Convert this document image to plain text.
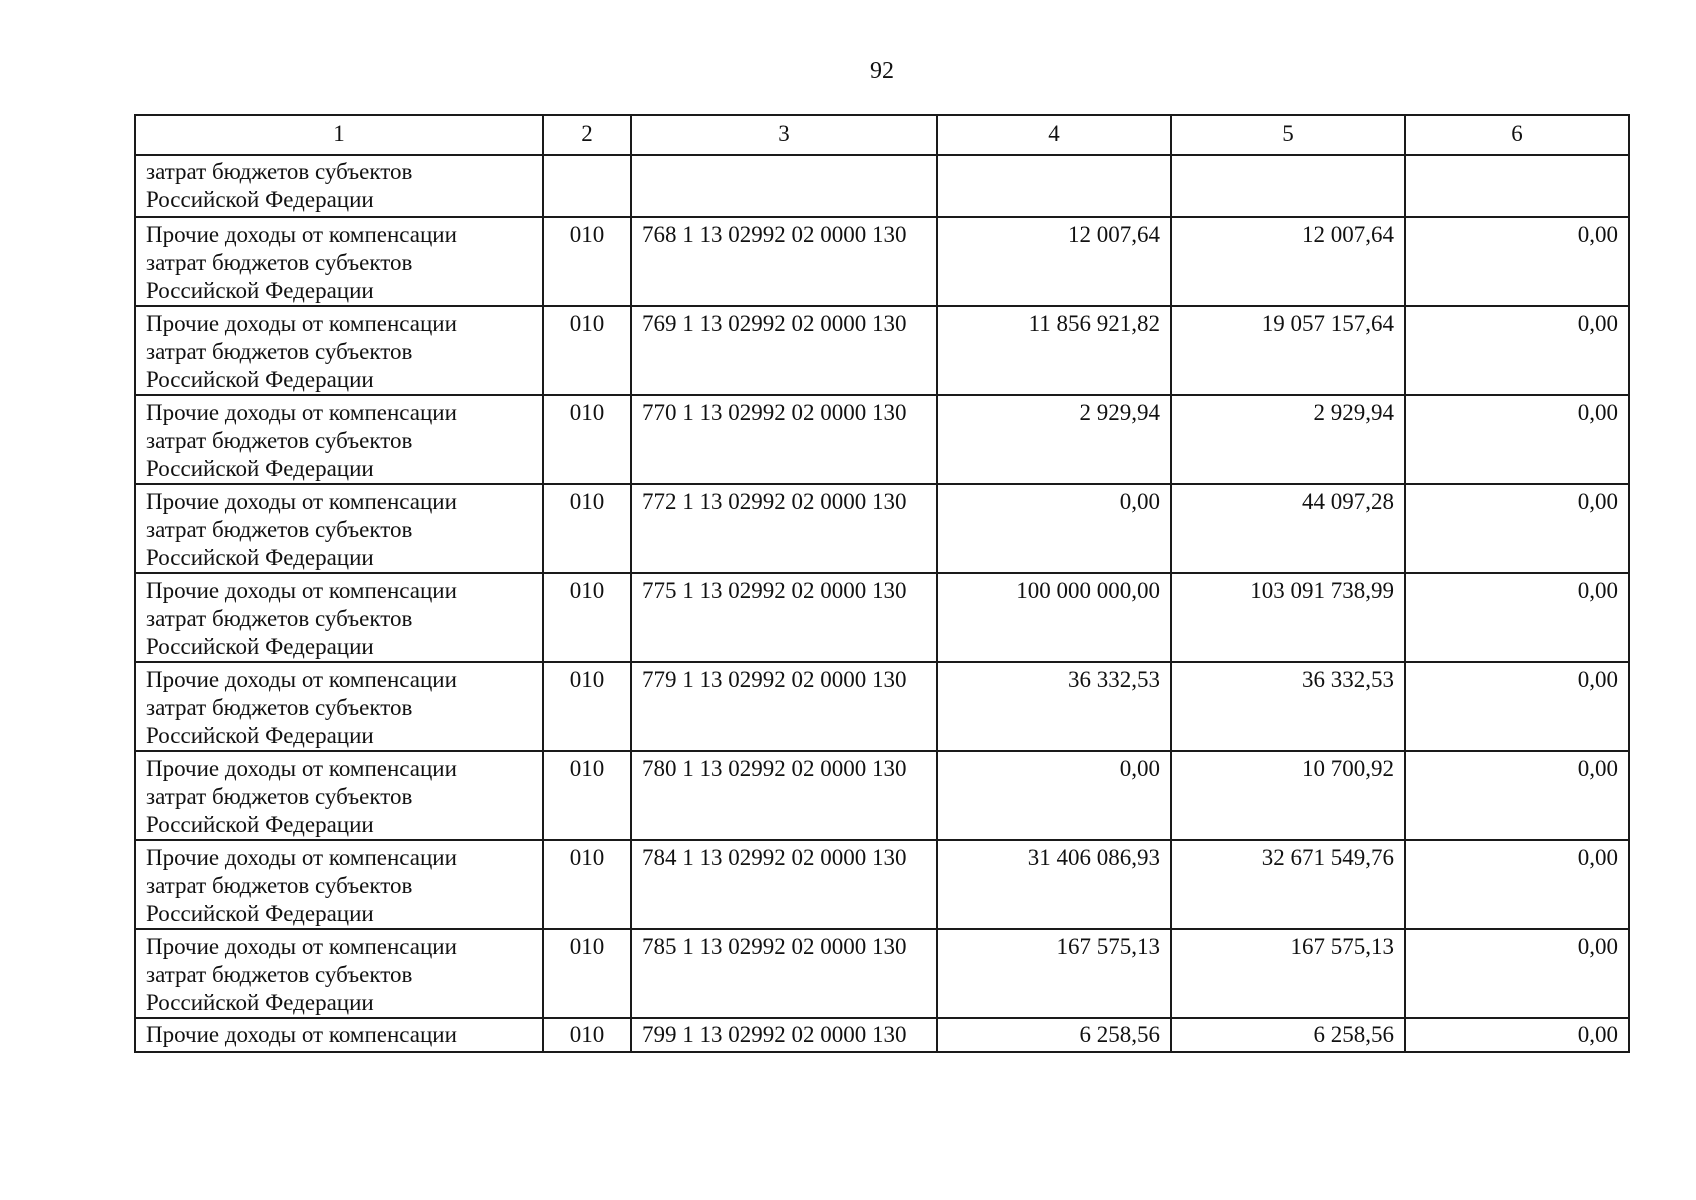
92
1	2	3	4	5	6

затрат бюджетов субъектов
Российской Федерации					

Прочие доходы от компенсации
затрат бюджетов субъектов
Российской Федерации	010	768 1 13 02992 02 0000 130	12 007,64	12 007,64	0,00

Прочие доходы от компенсации
затрат бюджетов субъектов
Российской Федерации	010	769 1 13 02992 02 0000 130	11 856 921,82	19 057 157,64	0,00

Прочие доходы от компенсации
затрат бюджетов субъектов
Российской Федерации	010	770 1 13 02992 02 0000 130	2 929,94	2 929,94	0,00

Прочие доходы от компенсации
затрат бюджетов субъектов
Российской Федерации	010	772 1 13 02992 02 0000 130	0,00	44 097,28	0,00

Прочие доходы от компенсации
затрат бюджетов субъектов
Российской Федерации	010	775 1 13 02992 02 0000 130	100 000 000,00	103 091 738,99	0,00

Прочие доходы от компенсации
затрат бюджетов субъектов
Российской Федерации	010	779 1 13 02992 02 0000 130	36 332,53	36 332,53	0,00

Прочие доходы от компенсации
затрат бюджетов субъектов
Российской Федерации	010	780 1 13 02992 02 0000 130	0,00	10 700,92	0,00

Прочие доходы от компенсации
затрат бюджетов субъектов
Российской Федерации	010	784 1 13 02992 02 0000 130	31 406 086,93	32 671 549,76	0,00

Прочие доходы от компенсации
затрат бюджетов субъектов
Российской Федерации	010	785 1 13 02992 02 0000 130	167 575,13	167 575,13	0,00

Прочие доходы от компенсации	010	799 1 13 02992 02 0000 130	6 258,56	6 258,56	0,00
